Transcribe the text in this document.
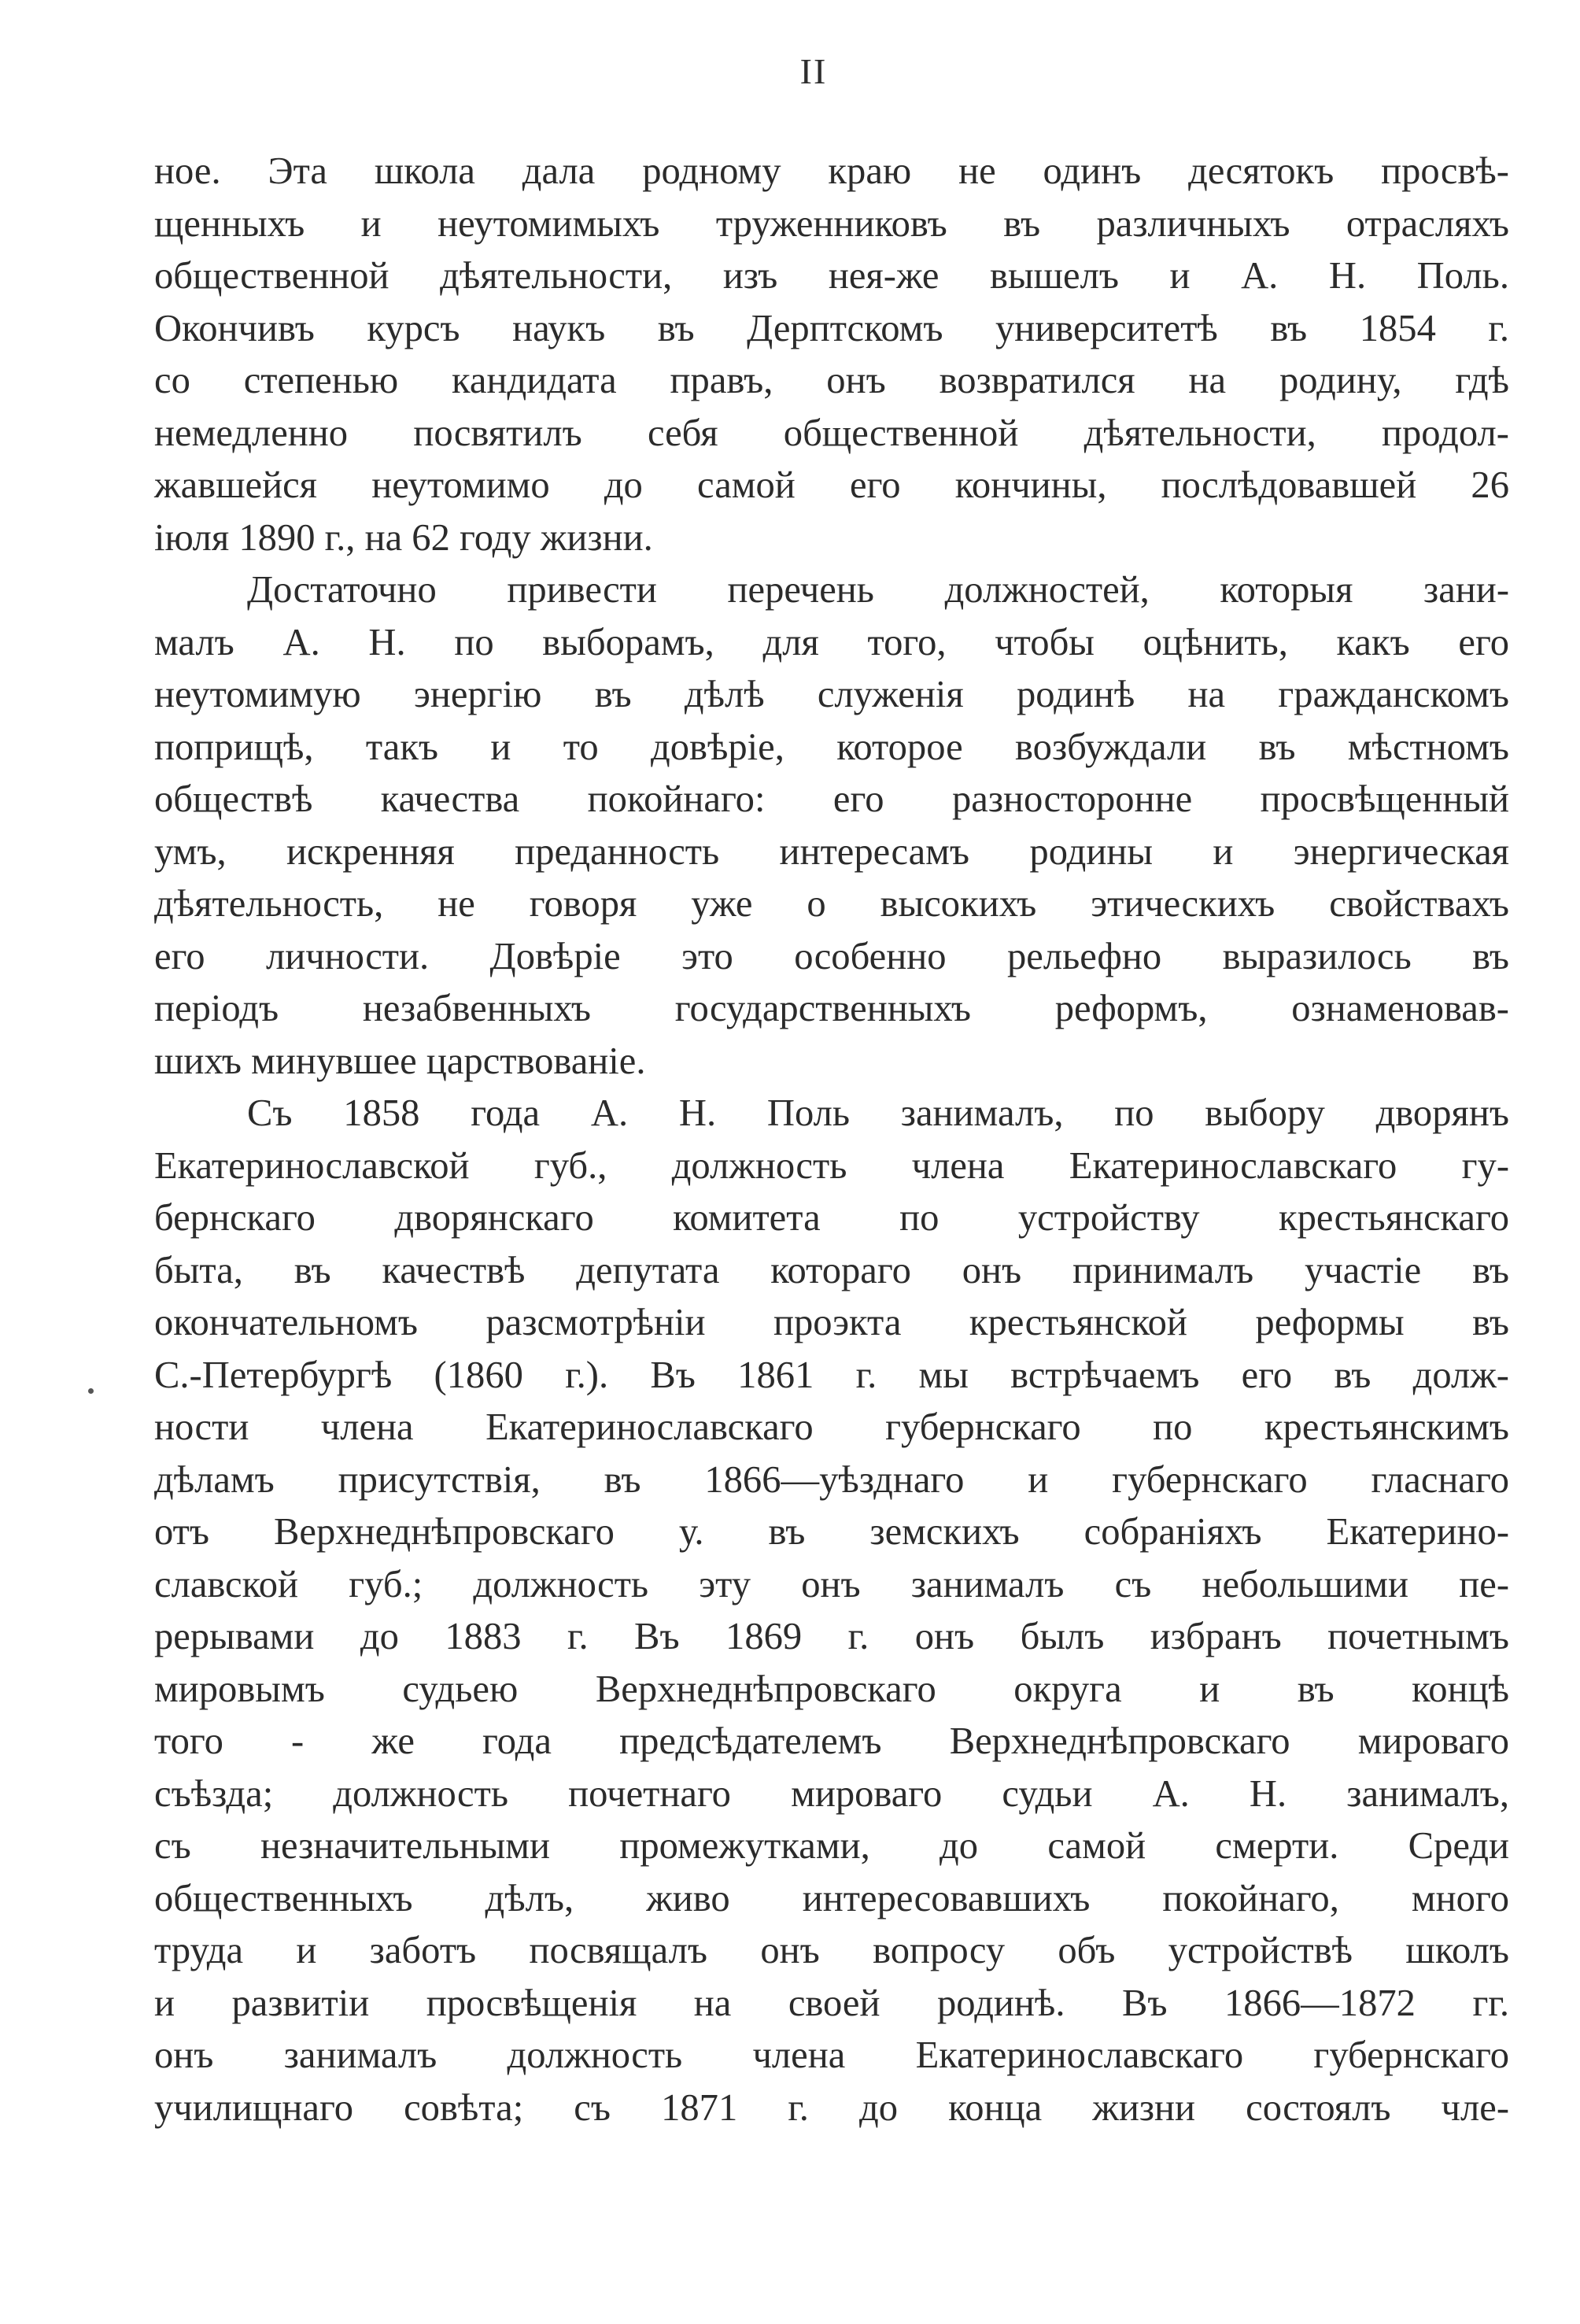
II
ное. Эта школа дала родному краю не одинъ десятокъ просвѣ-
щенныхъ и неутомимыхъ труженниковъ въ различныхъ отрасляхъ
общественной дѣятельности, изъ нея-же вышелъ и А. Н. Поль.
Окончивъ курсъ наукъ въ Дерптскомъ университетѣ въ 1854 г.
со степенью кандидата правъ, онъ возвратился на родину, гдѣ
немедленно посвятилъ себя общественной дѣятельности, продол-
жавшейся неутомимо до самой его кончины, послѣдовавшей 26
іюля 1890 г., на 62 году жизни.
Достаточно привести перечень должностей, которыя зани-
малъ А. Н. по выборамъ, для того, чтобы оцѣнить, какъ его
неутомимую энергію въ дѣлѣ служенія родинѣ на гражданскомъ
поприщѣ, такъ и то довѣріе, которое возбуждали въ мѣстномъ
обществѣ качества покойнаго: его разносторонне просвѣщенный
умъ, искренняя преданность интересамъ родины и энергическая
дѣятельность, не говоря уже о высокихъ этическихъ свойствахъ
его личности. Довѣріе это особенно рельефно выразилось въ
періодъ незабвенныхъ государственныхъ реформъ, ознаменовав-
шихъ минувшее царствованіе.
Съ 1858 года А. Н. Поль занималъ, по выбору дворянъ
Екатеринославской губ., должность члена Екатеринославскаго гу-
бернскаго дворянскаго комитета по устройству крестьянскаго
быта, въ качествѣ депутата котораго онъ принималъ участіе въ
окончательномъ разсмотрѣніи проэкта крестьянской реформы въ
С.-Петербургѣ (1860 г.). Въ 1861 г. мы встрѣчаемъ его въ долж-
ности члена Екатеринославскаго губернскаго по крестьянскимъ
дѣламъ присутствія, въ 1866—уѣзднаго и губернскаго гласнаго
отъ Верхнеднѣпровскаго у. въ земскихъ собраніяхъ Екатерино-
славской губ.; должность эту онъ занималъ съ небольшими пе-
рерывами до 1883 г. Въ 1869 г. онъ былъ избранъ почетнымъ
мировымъ судьею Верхнеднѣпровскаго округа и въ концѣ
того - же года предсѣдателемъ Верхнеднѣпровскаго мироваго
съѣзда; должность почетнаго мироваго судьи А. Н. занималъ,
съ незначительными промежутками, до самой смерти. Среди
общественныхъ дѣлъ, живо интересовавшихъ покойнаго, много
труда и заботъ посвящалъ онъ вопросу объ устройствѣ школъ
и развитіи просвѣщенія на своей родинѣ. Въ 1866—1872 гг.
онъ занималъ должность члена Екатеринославскаго губернскаго
училищнаго совѣта; съ 1871 г. до конца жизни состоялъ чле-
